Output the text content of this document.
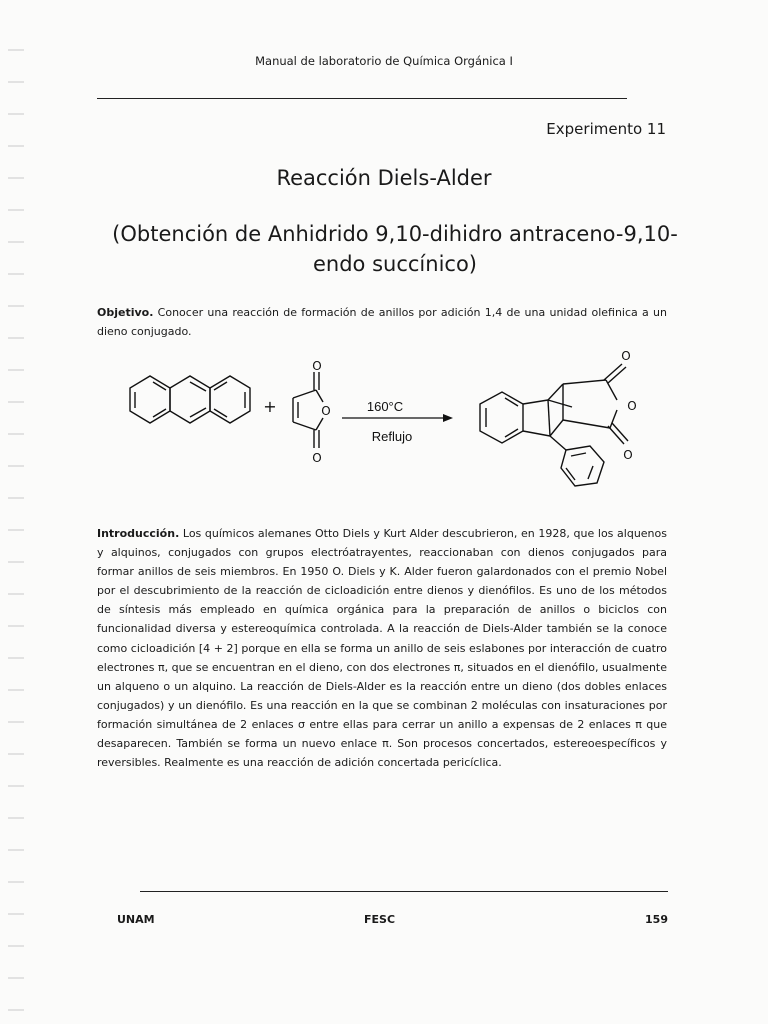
Manual de laboratorio de Química Orgánica I
Experimento 11
Reacción Diels-Alder
(Obtención de Anhidrido 9,10-dihidro antraceno-9,10-endo succínico)
Objetivo. Conocer una reacción de formación de anillos por adición 1,4 de una unidad olefinica a un dieno conjugado.
+
O
O
O
160°C
Reflujo
O
O
O
Introducción. Los químicos alemanes Otto Diels y Kurt Alder descubrieron, en 1928, que los alquenos y alquinos, conjugados con grupos electróatrayentes, reaccionaban con dienos conjugados para formar anillos de seis miembros. En 1950 O. Diels y K. Alder fueron galardonados con el premio Nobel por el descubrimiento de la reacción de cicloadición entre dienos y dienófilos. Es uno de los métodos de síntesis más empleado en química orgánica para la preparación de anillos o biciclos con funcionalidad diversa y estereoquímica controlada. A la reacción de Diels-Alder también se la conoce como cicloadición [4 + 2] porque en ella se forma un anillo de seis eslabones por interacción de cuatro electrones π, que se encuentran en el dieno, con dos electrones π, situados en el dienófilo, usualmente un alqueno o un alquino. La reacción de Diels-Alder es la reacción entre un dieno (dos dobles enlaces conjugados) y un dienófilo. Es una reacción en la que se combinan 2 moléculas con insaturaciones por formación simultánea de 2 enlaces σ entre ellas para cerrar un anillo a expensas de 2 enlaces π que desaparecen. También se forma un nuevo enlace π. Son procesos concertados, estereoespecíficos y reversibles. Realmente es una reacción de adición concertada pericíclica.
UNAM	FESC	159
